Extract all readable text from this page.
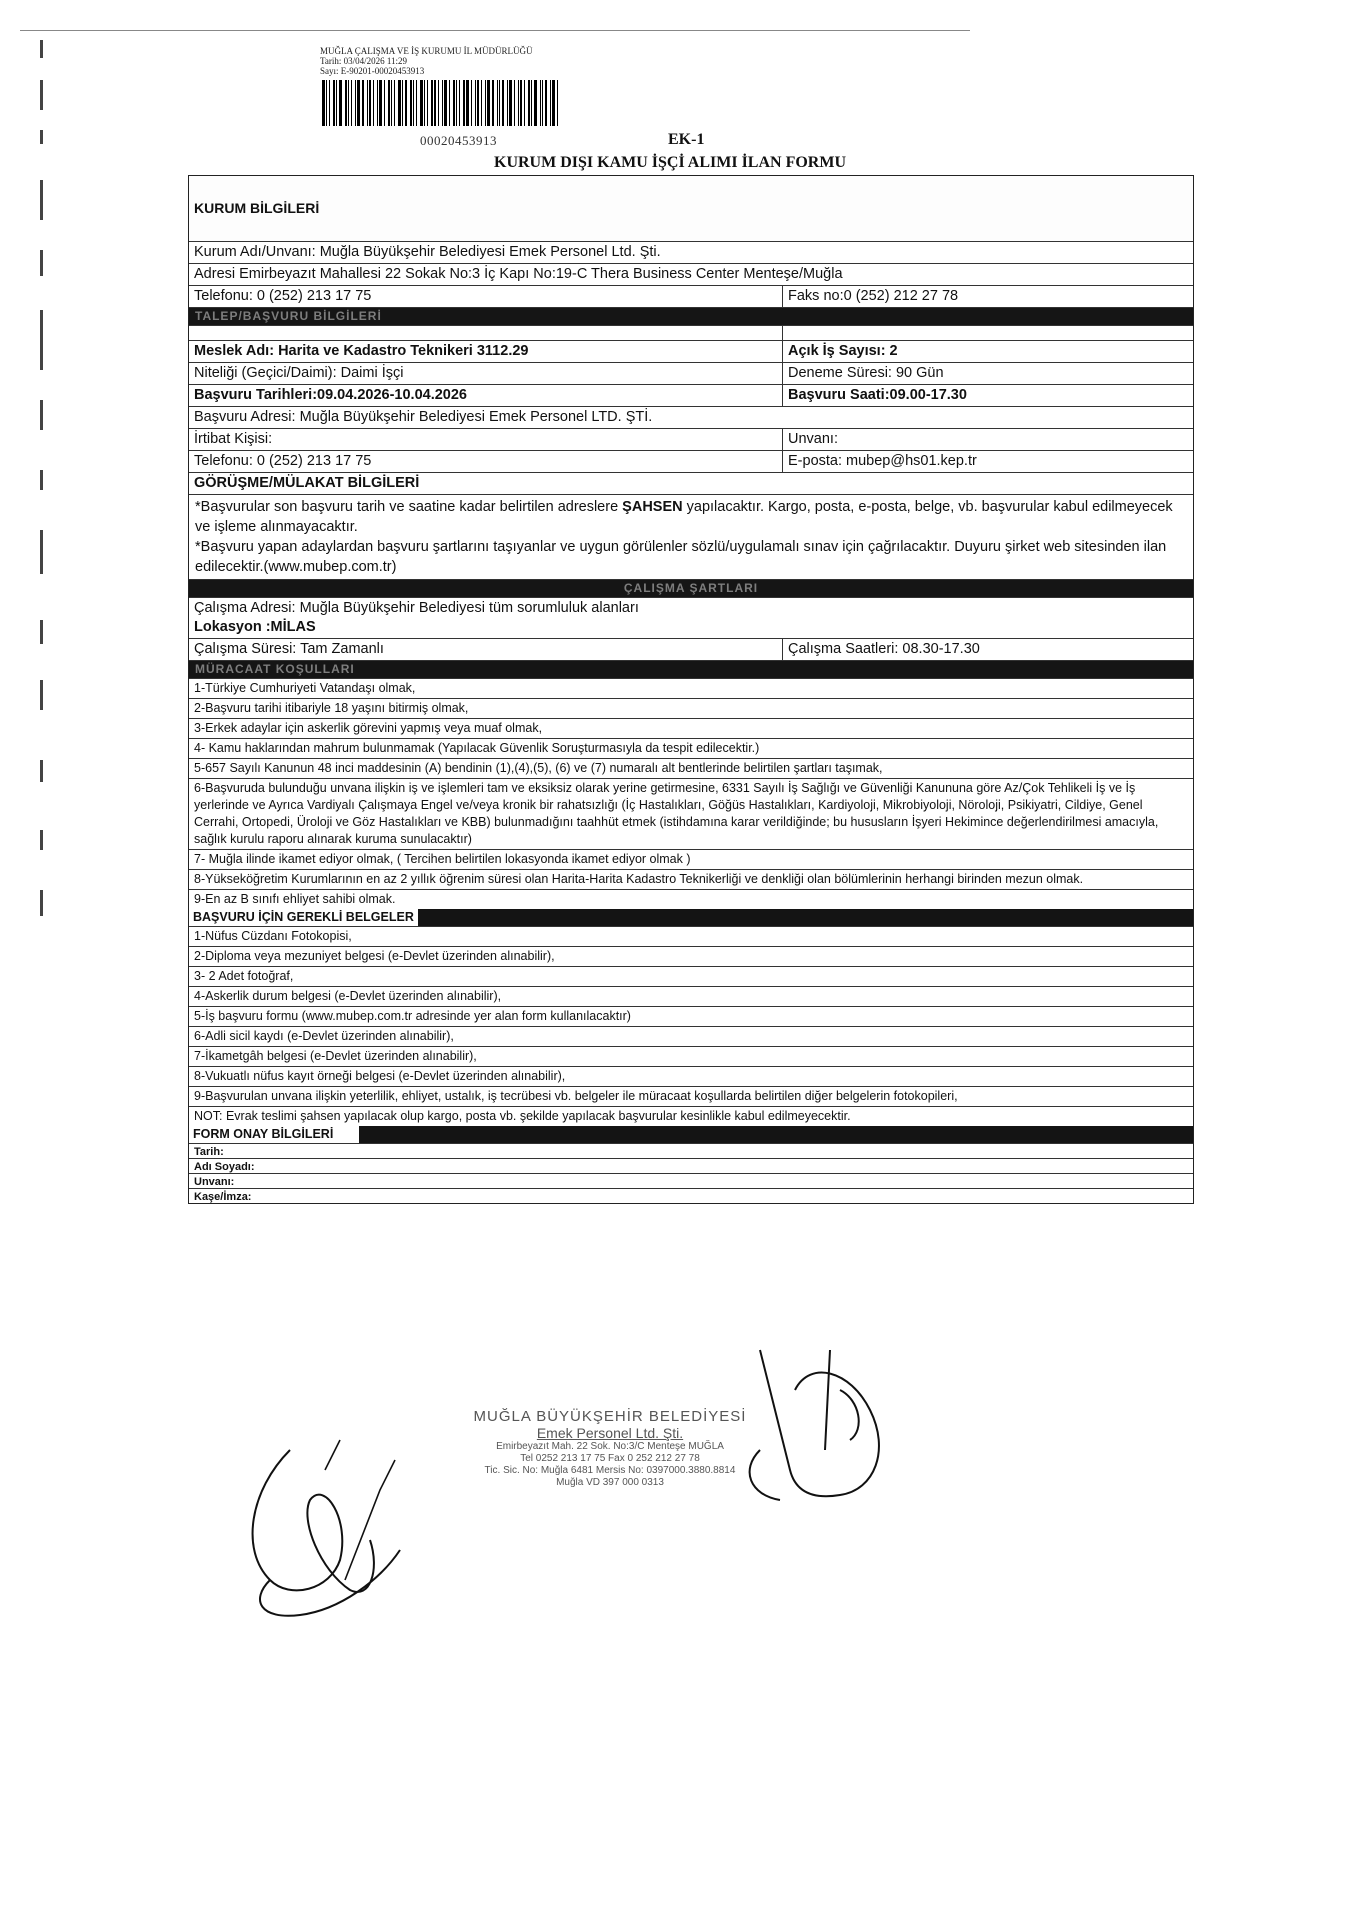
MUĞLA ÇALIŞMA VE İŞ KURUMU İL MÜDÜRLÜĞÜ
Tarih: 03/04/2026 11:29
Sayı: E-90201-00020453913
00020453913	EK-1
KURUM DIŞI KAMU İŞÇİ ALIMI İLAN FORMU
KURUM BİLGİLERİ
Kurum Adı/Unvanı: Muğla Büyükşehir Belediyesi Emek Personel Ltd. Şti.
Adresi Emirbeyazıt Mahallesi 22 Sokak No:3 İç Kapı No:19-C Thera Business Center Menteşe/Muğla
Telefonu: 0 (252) 213 17 75	Faks no:0 (252) 212 27 78
TALEP/BAŞVURU BİLGİLERİ
Meslek Adı: Harita ve Kadastro Teknikeri 3112.29	Açık İş Sayısı: 2
Niteliği (Geçici/Daimi): Daimi İşçi	Deneme Süresi: 90 Gün
Başvuru Tarihleri:09.04.2026-10.04.2026	Başvuru Saati:09.00-17.30
Başvuru Adresi: Muğla Büyükşehir Belediyesi Emek Personel LTD. ŞTİ.
İrtibat Kişisi:	Unvanı:
Telefonu: 0 (252) 213 17 75	E-posta: mubep@hs01.kep.tr
GÖRÜŞME/MÜLAKAT BİLGİLERİ

*Başvurular son başvuru tarih ve saatine kadar belirtilen adreslere ŞAHSEN yapılacaktır. Kargo, posta, e-posta, belge, vb. başvurular kabul edilmeyecek ve işleme alınmayacaktır.

*Başvuru yapan adaylardan başvuru şartlarını taşıyanlar ve uygun görülenler sözlü/uygulamalı sınav için çağrılacaktır. Duyuru şirket web sitesinden ilan edilecektir.(www.mubep.com.tr)

ÇALIŞMA ŞARTLARI
Çalışma Adresi: Muğla Büyükşehir Belediyesi tüm sorumluluk alanları
Lokasyon :MİLAS
Çalışma Süresi: Tam Zamanlı	Çalışma Saatleri: 08.30-17.30
MÜRACAAT KOŞULLARI
1-Türkiye Cumhuriyeti Vatandaşı olmak,
2-Başvuru tarihi itibariyle 18 yaşını bitirmiş olmak,
3-Erkek adaylar için askerlik görevini yapmış veya muaf olmak,
4- Kamu haklarından mahrum bulunmamak (Yapılacak Güvenlik Soruşturmasıyla da tespit edilecektir.)
5-657 Sayılı Kanunun 48 inci maddesinin (A) bendinin (1),(4),(5), (6) ve (7) numaralı alt bentlerinde belirtilen şartları taşımak,
6-Başvuruda bulunduğu unvana ilişkin iş ve işlemleri tam ve eksiksiz olarak yerine getirmesine, 6331 Sayılı İş Sağlığı ve Güvenliği Kanununa göre Az/Çok Tehlikeli İş ve İş yerlerinde ve Ayrıca Vardiyalı Çalışmaya Engel ve/veya kronik bir rahatsızlığı (İç Hastalıkları, Göğüs Hastalıkları, Kardiyoloji, Mikrobiyoloji, Nöroloji, Psikiyatri, Cildiye, Genel Cerrahi, Ortopedi, Üroloji ve Göz Hastalıkları ve KBB) bulunmadığını taahhüt etmek (istihdamına karar verildiğinde; bu hususların İşyeri Hekimince değerlendirilmesi amacıyla, sağlık kurulu raporu alınarak kuruma sunulacaktır)
7- Muğla ilinde ikamet ediyor olmak, ( Tercihen belirtilen lokasyonda ikamet ediyor olmak )
8-Yükseköğretim Kurumlarının en az 2 yıllık öğrenim süresi olan Harita-Harita Kadastro Teknikerliği ve denkliği olan bölümlerinin herhangi birinden mezun olmak.
9-En az B sınıfı ehliyet sahibi olmak.
BAŞVURU İÇİN GEREKLİ BELGELER
1-Nüfus Cüzdanı Fotokopisi,
2-Diploma veya mezuniyet belgesi (e-Devlet üzerinden alınabilir),
3- 2 Adet fotoğraf,
4-Askerlik durum belgesi (e-Devlet üzerinden alınabilir),
5-İş başvuru formu (www.mubep.com.tr adresinde yer alan form kullanılacaktır)
6-Adli sicil kaydı (e-Devlet üzerinden alınabilir),
7-İkametgâh belgesi (e-Devlet üzerinden alınabilir),
8-Vukuatlı nüfus kayıt örneği belgesi (e-Devlet üzerinden alınabilir),
9-Başvurulan unvana ilişkin yeterlilik, ehliyet, ustalık, iş tecrübesi vb. belgeler ile müracaat koşullarda belirtilen diğer belgelerin fotokopileri,
NOT: Evrak teslimi şahsen yapılacak olup kargo, posta vb. şekilde yapılacak başvurular kesinlikle kabul edilmeyecektir.
FORM ONAY BİLGİLERİ
Tarih:
Adı Soyadı:
Unvanı:
Kaşe/İmza:
MUĞLA BÜYÜKŞEHİR BELEDİYESİ
Emek Personel Ltd. Şti.
Emirbeyazıt Mah. 22 Sok. No:3/C Menteşe MUĞLA
Tel 0252 213 17 75 Fax 0 252 212 27 78
Tic. Sic. No: Muğla 6481 Mersis No: 0397000.3880.8814
Muğla VD 397 000 0313
